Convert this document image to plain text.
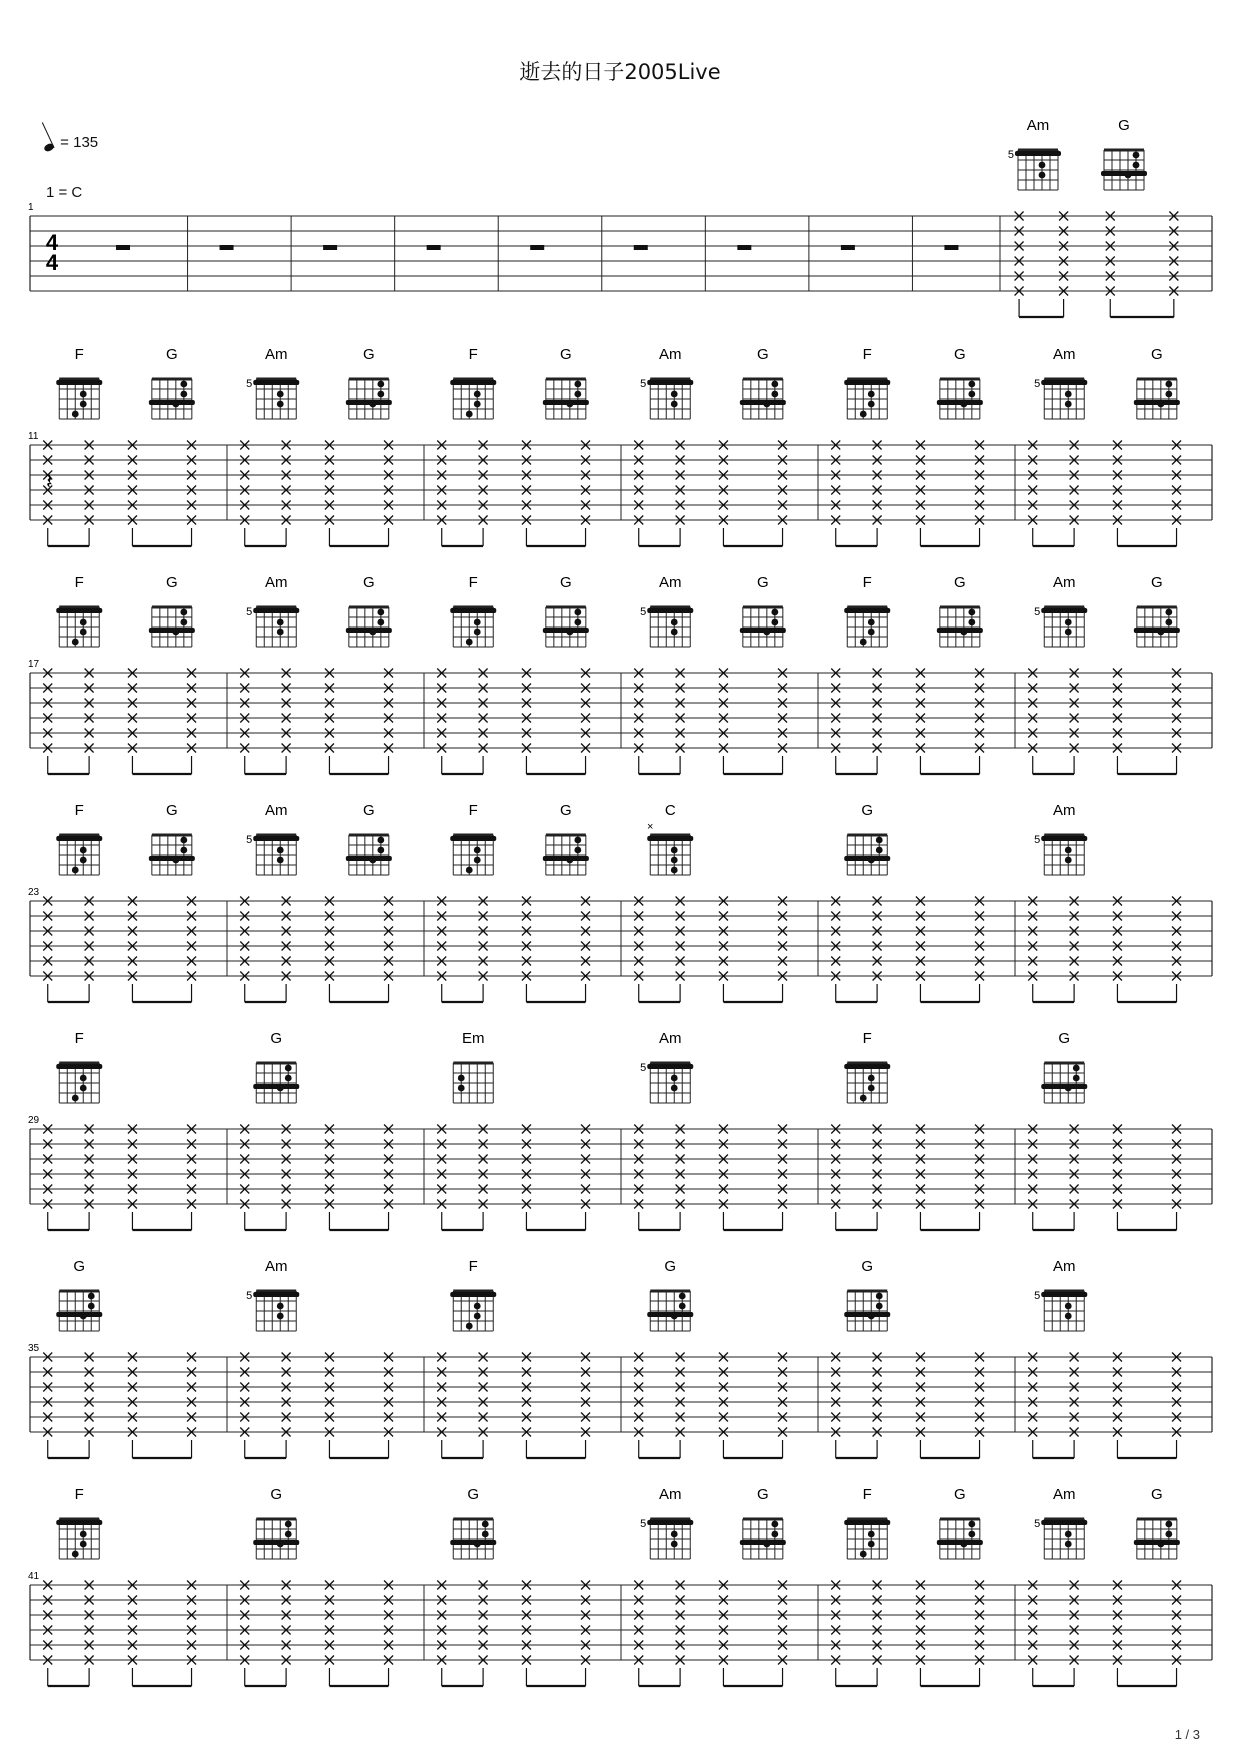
逝去的日子2005Live
= 135
1 = C
1
4
4
Am
5
G
11
F	G	Am
5
G	F	G	Am
5
G	F	G	Am
5
G
𝄽
17
F	G	Am
5
G	F	G	Am
5
G	F	G	Am
5
G
23
F	G	Am
5
G	F	G	C
×
G	Am
5
29
F	G	Em	Am
5
F	G
35
G	Am
5
F	G	G	Am
5
41
F	G	G	Am
5
G	F	G	Am
5
G
1 / 3
